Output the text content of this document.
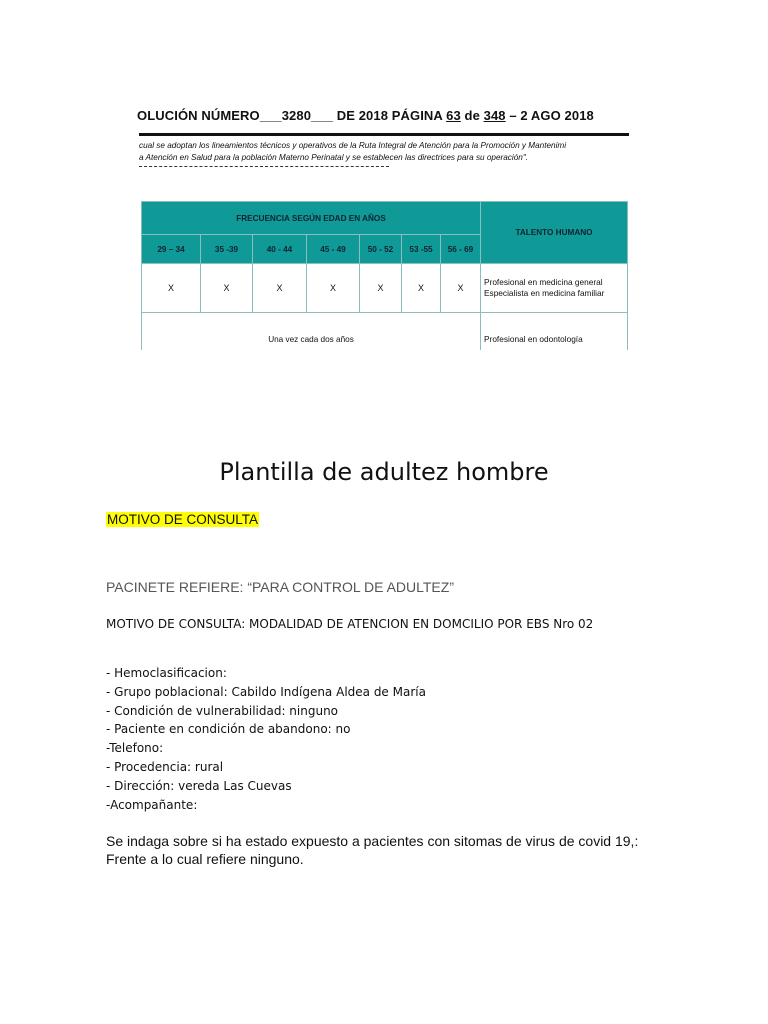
OLUCIÓN NÚMERO___3280___ DE 2018 PÁGINA 63 de 348 – 2 AGO 2018
cual se adoptan los lineamientos técnicos y operativos de la Ruta Integral de Atención para la Promoción y Mantenimi
a Atención en Salud para la población Materno Perinatal y se establecen las directrices para su operación".
FRECUENCIA SEGÚN EDAD EN AÑOS							TALENTO HUMANO
29 – 34	35 -39	40 - 44	45 - 49	50 - 52	53 -55	56 - 69	
X	X	X	X	X	X	X	Profesional en medicina general
Especialista en medicina familiar

Una vez cada dos años							Profesional en odontología
Plantilla de adultez hombre
MOTIVO DE CONSULTA
PACINETE REFIERE: “PARA CONTROL DE ADULTEZ”
MOTIVO DE CONSULTA: MODALIDAD DE ATENCION EN DOMCILIO POR EBS Nro 02
- Hemoclasificacion:
- Grupo poblacional: Cabildo Indígena Aldea de María
- Condición de vulnerabilidad: ninguno
- Paciente en condición de abandono: no
-Telefono:
- Procedencia: rural
- Dirección: vereda Las Cuevas
-Acompañante:
Se indaga sobre si ha estado expuesto a pacientes con sitomas de virus de covid 19,: Frente a lo cual refiere ninguno.
